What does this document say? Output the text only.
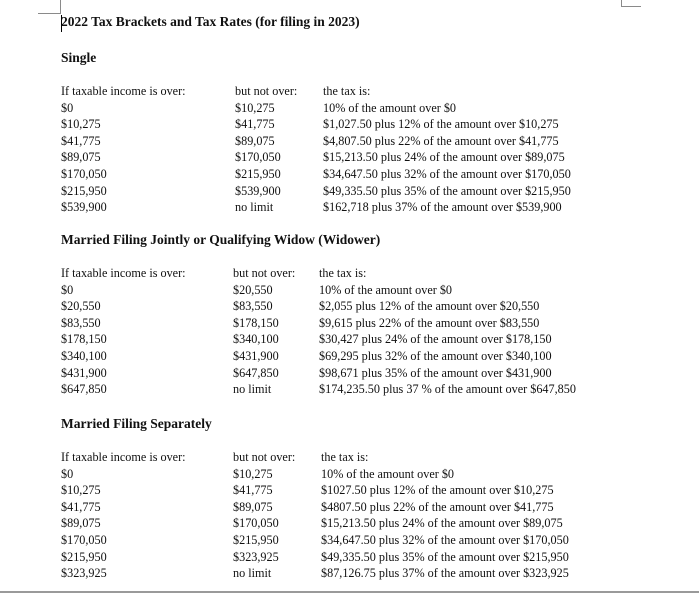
2022 Tax Brackets and Tax Rates (for filing in 2023)
Single
If taxable income is over:	but not over: the tax is:
$0	$10,275	10% of the amount over $0
$10,275	$41,775	$1,027.50 plus 12% of the amount over $10,275
$41,775	$89,075	$4,807.50 plus 22% of the amount over $41,775
$89,075	$170,050	$15,213.50 plus 24% of the amount over $89,075
$170,050	$215,950	$34,647.50 plus 32% of the amount over $170,050
$215,950	$539,900	$49,335.50 plus 35% of the amount over $215,950
$539,900	no limit	$162,718 plus 37% of the amount over $539,900
Married Filing Jointly or Qualifying Widow (Widower)
If taxable income is over:	but not over: the tax is:
$0	$20,550	10% of the amount over $0
$20,550	$83,550	$2,055 plus 12% of the amount over $20,550
$83,550	$178,150	$9,615 plus 22% of the amount over $83,550
$178,150	$340,100	$30,427 plus 24% of the amount over $178,150
$340,100	$431,900	$69,295 plus 32% of the amount over $340,100
$431,900	$647,850	$98,671 plus 35% of the amount over $431,900
$647,850	no limit	$174,235.50 plus 37 % of the amount over $647,850
Married Filing Separately
If taxable income is over:	but not over: the tax is:
$0	$10,275	10% of the amount over $0
$10,275	$41,775	$1027.50 plus 12% of the amount over $10,275
$41,775	$89,075	$4807.50 plus 22% of the amount over $41,775
$89,075	$170,050	$15,213.50 plus 24% of the amount over $89,075
$170,050	$215,950	$34,647.50 plus 32% of the amount over $170,050
$215,950	$323,925	$49,335.50 plus 35% of the amount over $215,950
$323,925	no limit	$87,126.75 plus 37% of the amount over $323,925
